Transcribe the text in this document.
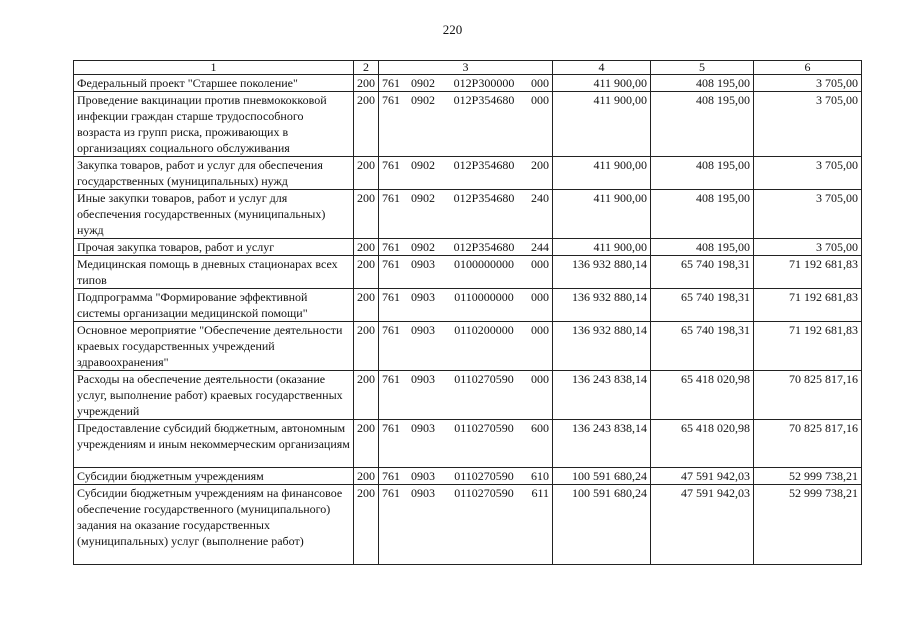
220
1	2	3	4	5	6
Федеральный проект "Старшее поколение"	200	761 0902 012P300000 000	411 900,00	408 195,00	3 705,00
Проведение вакцинации против пневмококковой инфекции граждан старше трудоспособного возраста из групп риска, проживающих в организациях социального обслуживания	200	761 0902 012P354680 000	411 900,00	408 195,00	3 705,00
Закупка товаров, работ и услуг для обеспечения государственных (муниципальных) нужд	200	761 0902 012P354680 200	411 900,00	408 195,00	3 705,00
Иные закупки товаров, работ и услуг для обеспечения государственных (муниципальных) нужд	200	761 0902 012P354680 240	411 900,00	408 195,00	3 705,00
Прочая закупка товаров, работ и услуг	200	761 0902 012P354680 244	411 900,00	408 195,00	3 705,00
Медицинская помощь в дневных стационарах всех типов	200	761 0903 0100000000 000	136 932 880,14	65 740 198,31	71 192 681,83
Подпрограмма "Формирование эффективной системы организации медицинской помощи"	200	761 0903 0110000000 000	136 932 880,14	65 740 198,31	71 192 681,83
Основное мероприятие "Обеспечение деятельности краевых государственных учреждений здравоохранения"	200	761 0903 0110200000 000	136 932 880,14	65 740 198,31	71 192 681,83
Расходы на обеспечение деятельности (оказание услуг, выполнение работ) краевых государственных учреждений	200	761 0903 0110270590 000	136 243 838,14	65 418 020,98	70 825 817,16
Предоставление субсидий бюджетным, автономным учреждениям и иным некоммерческим организациям	200	761 0903 0110270590 600	136 243 838,14	65 418 020,98	70 825 817,16
Субсидии бюджетным учреждениям	200	761 0903 0110270590 610	100 591 680,24	47 591 942,03	52 999 738,21
Субсидии бюджетным учреждениям на финансовое обеспечение государственного (муниципального) задания на оказание государственных (муниципальных) услуг (выполнение работ)	200	761 0903 0110270590 611	100 591 680,24	47 591 942,03	52 999 738,21
